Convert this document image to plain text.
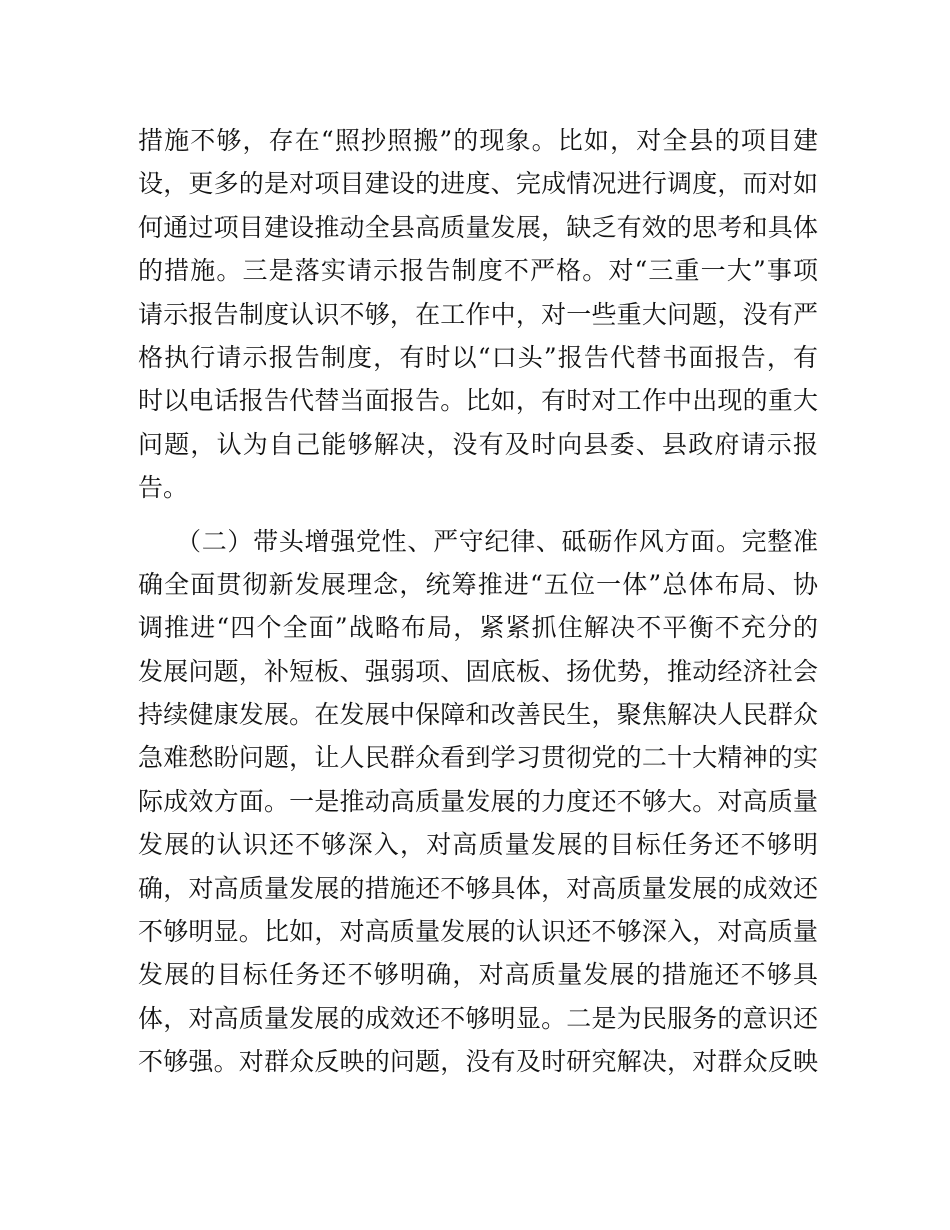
措施不够，存在“照抄照搬”的现象。比如，对全县的项目建
设，更多的是对项目建设的进度、完成情况进行调度，而对如
何通过项目建设推动全县高质量发展，缺乏有效的思考和具体
的措施。三是落实请示报告制度不严格。对“三重一大”事项
请示报告制度认识不够，在工作中，对一些重大问题，没有严
格执行请示报告制度，有时以“口头”报告代替书面报告，有
时以电话报告代替当面报告。比如，有时对工作中出现的重大
问题，认为自己能够解决，没有及时向县委、县政府请示报
告。
（二）带头增强党性、严守纪律、砥砺作风方面。完整准
确全面贯彻新发展理念，统筹推进“五位一体”总体布局、协
调推进“四个全面”战略布局，紧紧抓住解决不平衡不充分的
发展问题，补短板、强弱项、固底板、扬优势，推动经济社会
持续健康发展。在发展中保障和改善民生，聚焦解决人民群众
急难愁盼问题，让人民群众看到学习贯彻党的二十大精神的实
际成效方面。一是推动高质量发展的力度还不够大。对高质量
发展的认识还不够深入，对高质量发展的目标任务还不够明
确，对高质量发展的措施还不够具体，对高质量发展的成效还
不够明显。比如，对高质量发展的认识还不够深入，对高质量
发展的目标任务还不够明确，对高质量发展的措施还不够具
体，对高质量发展的成效还不够明显。二是为民服务的意识还
不够强。对群众反映的问题，没有及时研究解决，对群众反映
